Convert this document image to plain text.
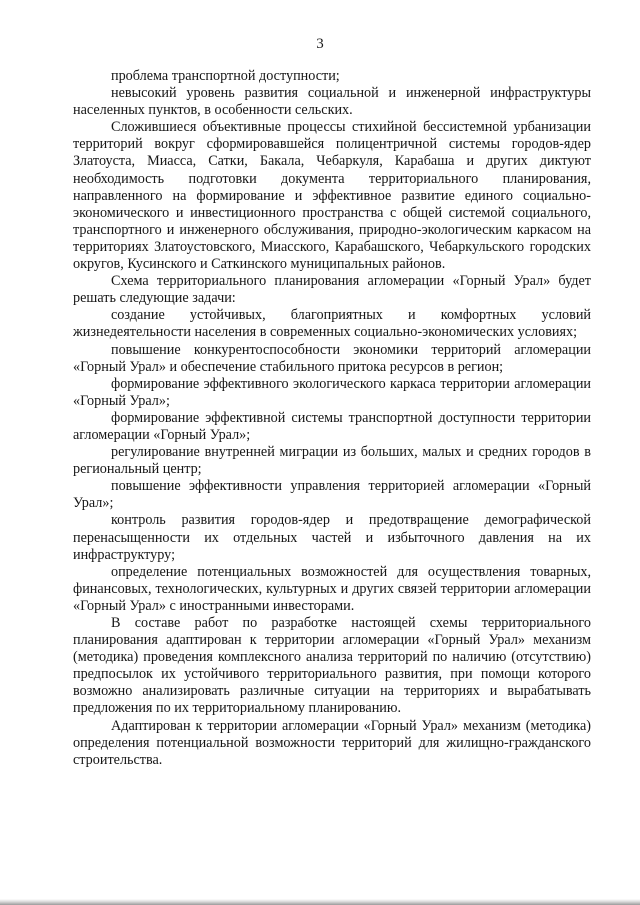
3

проблема транспортной доступности;

невысокий уровень развития социальной и инженерной инфраструктуры населенных пунктов, в особенности сельских.

Сложившиеся объективные процессы стихийной бессистемной урбанизации территорий вокруг сформировавшейся полицентричной системы городов-ядер Златоуста, Миасса, Сатки, Бакала, Чебаркуля, Карабаша и других диктуют необходимость подготовки документа территориального планирования, направленного на формирование и эффективное развитие единого социально-экономического и инвестиционного пространства с общей системой социального, транспортного и инженерного обслуживания, природно-экологическим каркасом на территориях Златоустовского, Миасского, Карабашского, Чебаркульского городских округов, Кусинского и Саткинского муниципальных районов.

Схема территориального планирования агломерации «Горный Урал» будет решать следующие задачи:

создание устойчивых, благоприятных и комфортных условий жизнедеятельности населения в современных социально-экономических условиях;

повышение конкурентоспособности экономики территорий агломерации «Горный Урал» и обеспечение стабильного притока ресурсов в регион;

формирование эффективного экологического каркаса территории агломерации «Горный Урал»;

формирование эффективной системы транспортной доступности территории агломерации «Горный Урал»;

регулирование внутренней миграции из больших, малых и средних городов в региональный центр;

повышение эффективности управления территорией агломерации «Горный Урал»;

контроль развития городов-ядер и предотвращение демографической перенасыщенности их отдельных частей и избыточного давления на их инфраструктуру;

определение потенциальных возможностей для осуществления товарных, финансовых, технологических, культурных и других связей территории агломерации «Горный Урал» с иностранными инвесторами.

В составе работ по разработке настоящей схемы территориального планирования адаптирован к территории агломерации «Горный Урал» механизм (методика) проведения комплексного анализа территорий по наличию (отсутствию) предпосылок их устойчивого территориального развития, при помощи которого возможно анализировать различные ситуации на территориях и вырабатывать предложения по их территориальному планированию.

Адаптирован к территории агломерации «Горный Урал» механизм (методика) определения потенциальной возможности территорий для жилищно-гражданского строительства.
